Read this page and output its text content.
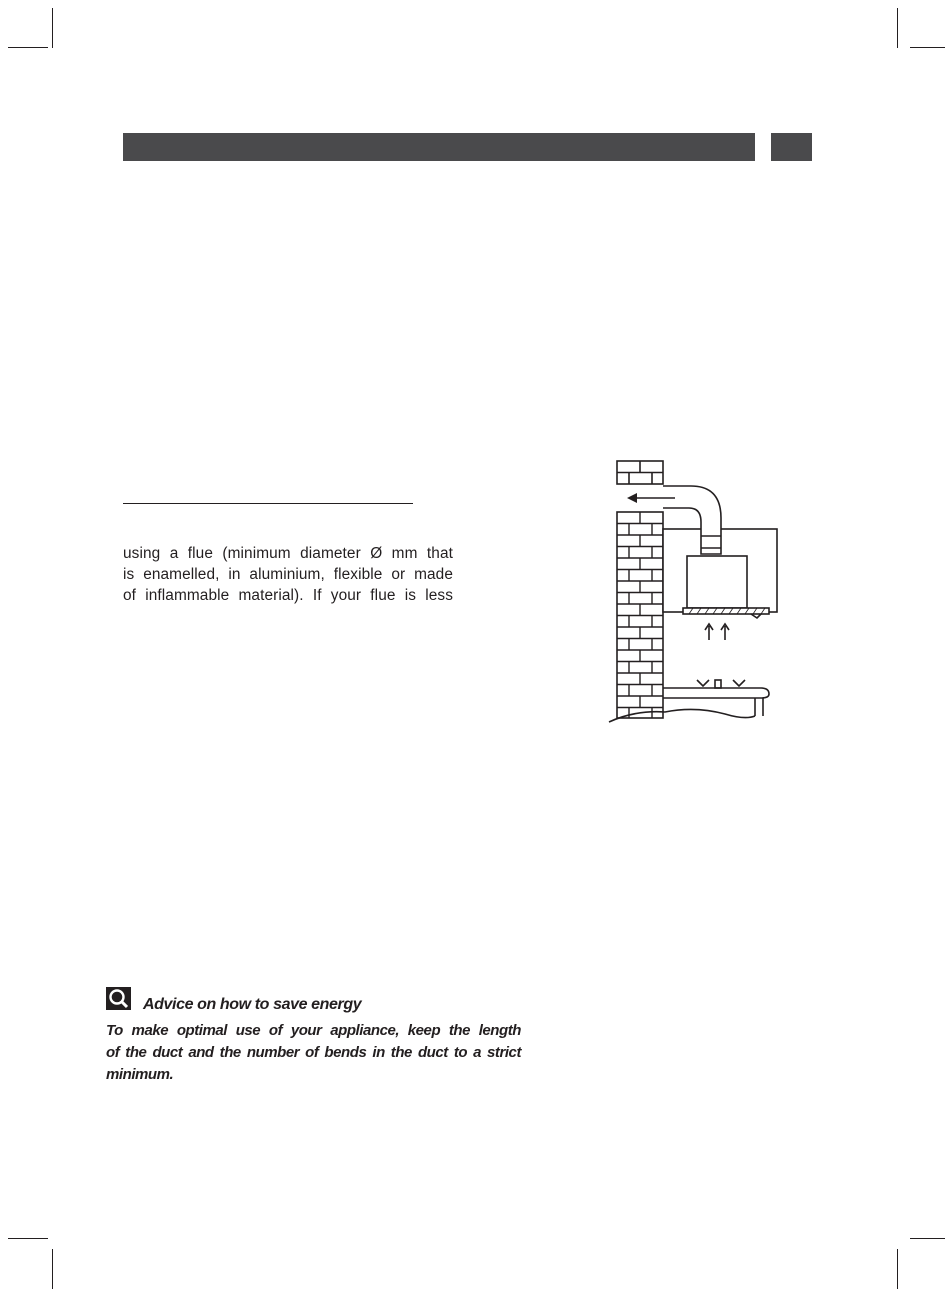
using a flue (minimum diameter Ø mm that
is enamelled, in aluminium, flexible or made
of inflammable material). If your flue is less

Advice on how to save energy

To make optimal use of your appliance, keep the length
of the duct and the number of bends in the duct to a strict
minimum.
